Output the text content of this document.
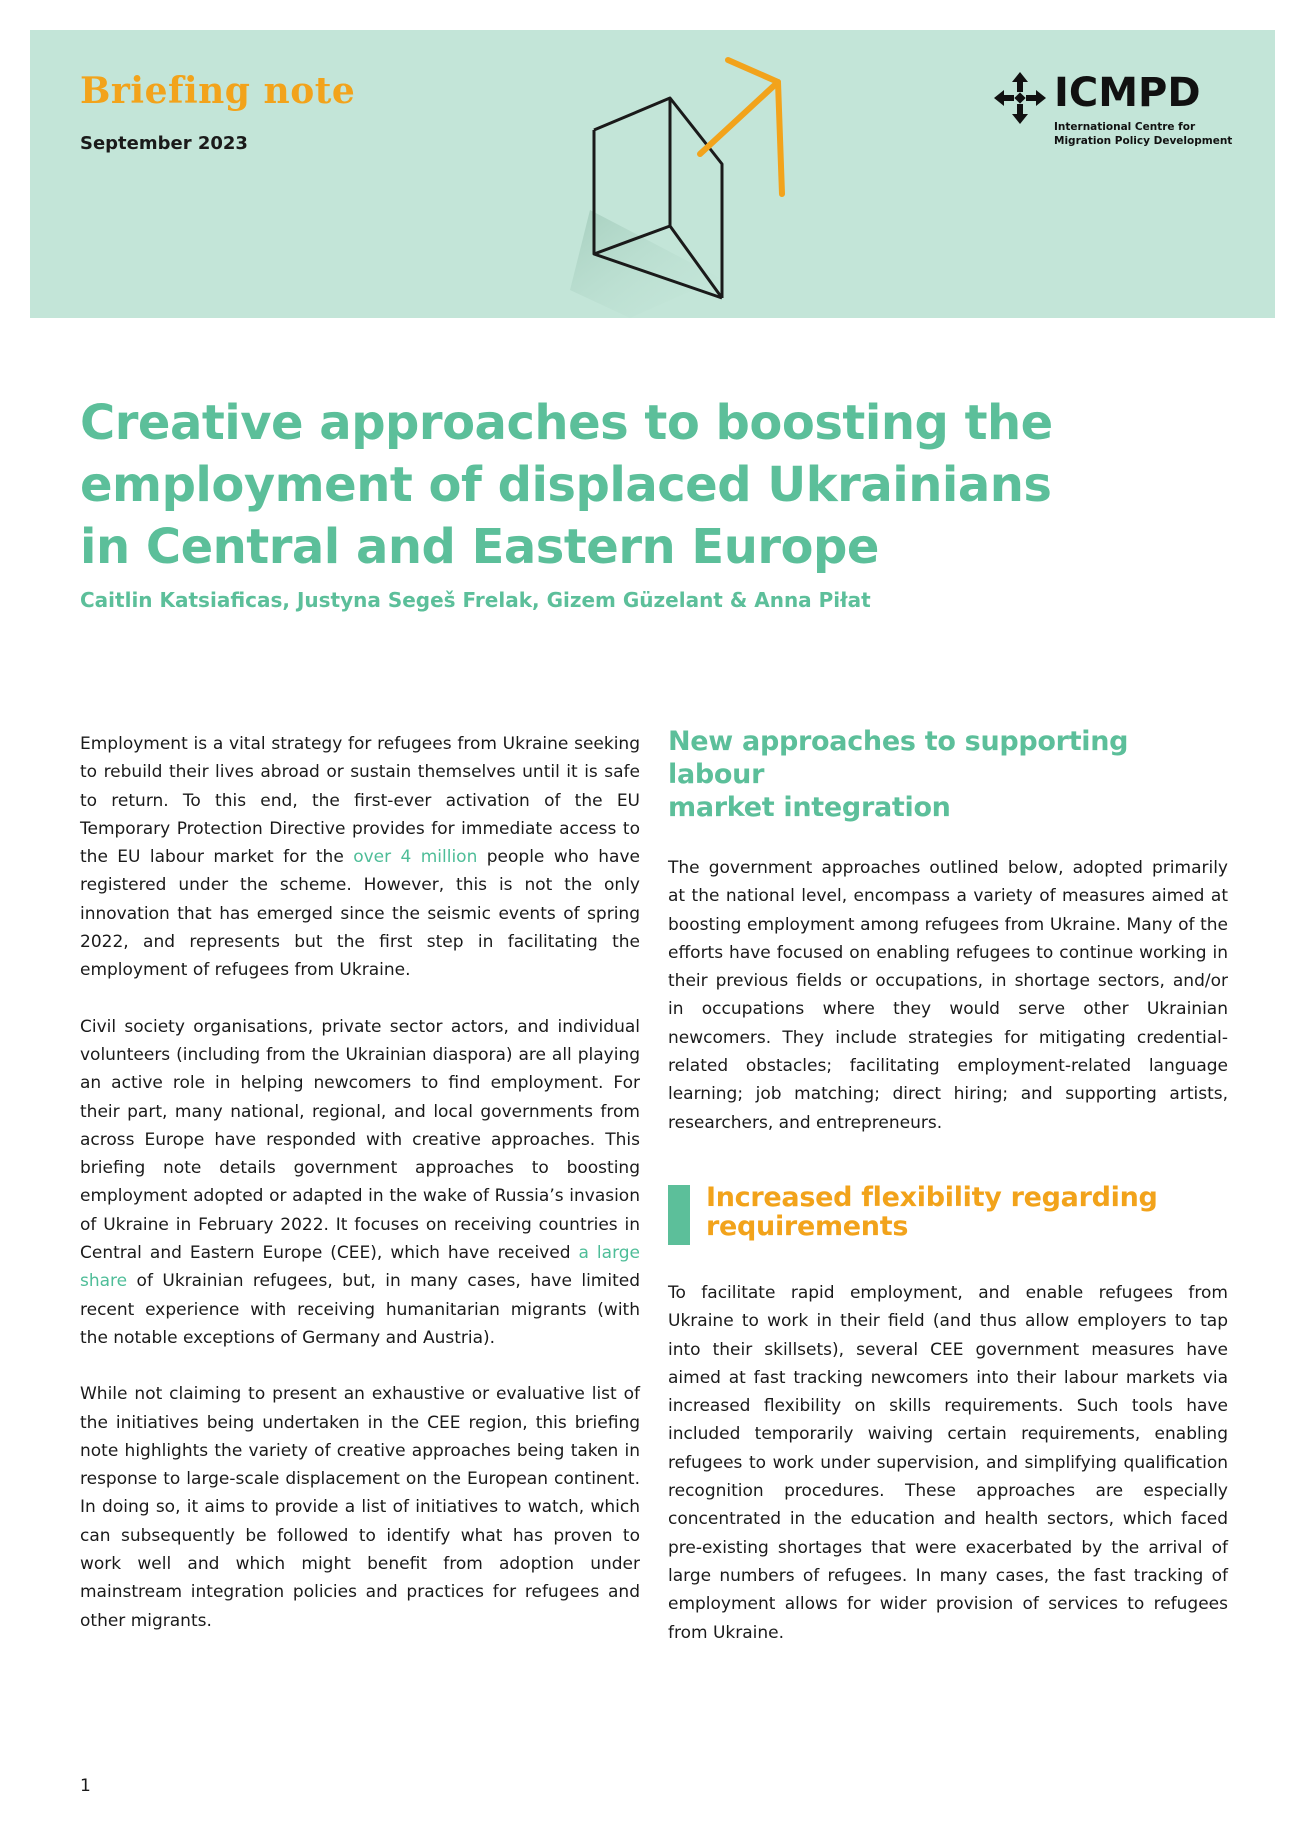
Briefing note
September 2023
ICMPD
International Centre for
Migration Policy Development
Creative approaches to boosting the
employment of displaced Ukrainians
in Central and Eastern Europe
Caitlin Katsiaficas, Justyna Segeš Frelak, Gizem Güzelant & Anna Piłat

Employment is a vital strategy for refugees from Ukraine seeking to rebuild their lives abroad or sustain themselves until it is safe to return. To this end, the first-ever activation of the EU Temporary Protection Directive provides for immediate access to the EU labour market for the over 4 million people who have registered under the scheme. However, this is not the only innovation that has emerged since the seismic events of spring 2022, and represents but the first step in facilitating the employment of refugees from Ukraine.

Civil society organisations, private sector actors, and individual volunteers (including from the Ukrainian diaspora) are all playing an active role in helping newcomers to find employment. For their part, many national, regional, and local governments from across Europe have responded with creative approaches. This briefing note details government approaches to boosting employment adopted or adapted in the wake of Russia’s invasion of Ukraine in February 2022. It focuses on receiving countries in Central and Eastern Europe (CEE), which have received a large share of Ukrainian refugees, but, in many cases, have limited recent experience with receiving humanitarian migrants (with the notable exceptions of Germany and Austria).

While not claiming to present an exhaustive or evaluative list of the initiatives being undertaken in the CEE region, this briefing note highlights the variety of creative approaches being taken in response to large-scale displacement on the European continent. In doing so, it aims to provide a list of initiatives to watch, which can subsequently be followed to identify what has proven to work well and which might benefit from adoption under mainstream integration policies and practices for refugees and other migrants.

New approaches to supporting labour
market integration

The government approaches outlined below, adopted primarily at the national level, encompass a variety of measures aimed at boosting employment among refugees from Ukraine. Many of the efforts have focused on enabling refugees to continue working in their previous fields or occupations, in shortage sectors, and/or in occupations where they would serve other Ukrainian newcomers. They include strategies for mitigating credential-related obstacles; facilitating employment-related language learning; job matching; direct hiring; and supporting artists, researchers, and entrepreneurs.

Increased flexibility regarding
requirements

To facilitate rapid employment, and enable refugees from Ukraine to work in their field (and thus allow employers to tap into their skillsets), several CEE government measures have aimed at fast tracking newcomers into their labour markets via increased flexibility on skills requirements. Such tools have included temporarily waiving certain requirements, enabling refugees to work under supervision, and simplifying qualification recognition procedures. These approaches are especially concentrated in the education and health sectors, which faced pre-existing shortages that were exacerbated by the arrival of large numbers of refugees. In many cases, the fast tracking of employment allows for wider provision of services to refugees from Ukraine.

1
